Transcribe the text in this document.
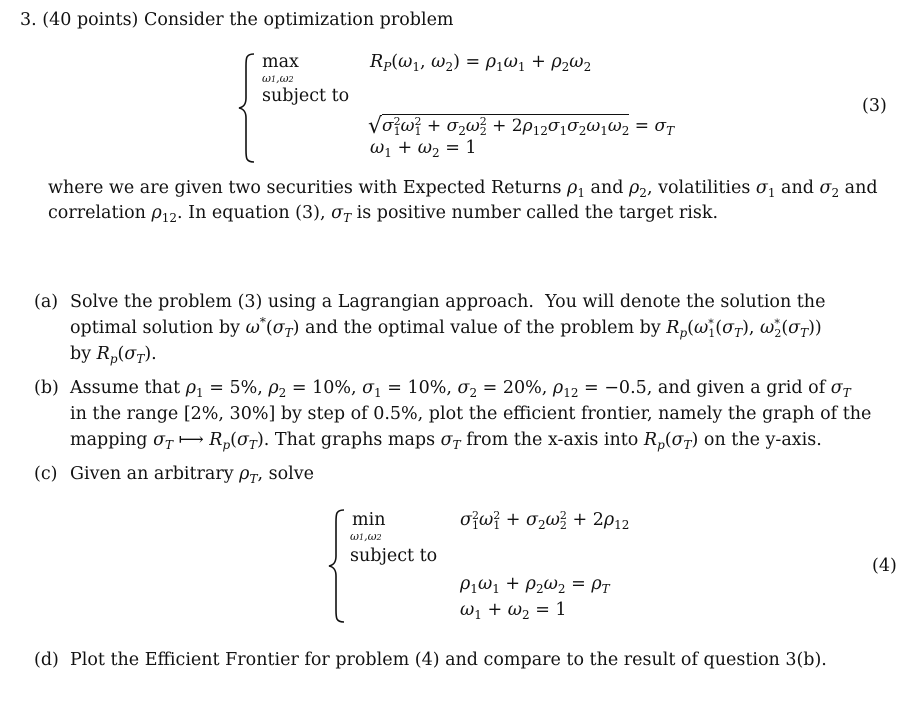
3. (40 points) Consider the optimization problem
max
ω1,ω2
$R_P(\omega_1$, $\omega_2) = \rho_1\omega_1 + \rho_2\omega_2$
subject to
√σ2
1ω2
$1 + \sigma_2\omega 2$
$2 + 2\rho_{12}\sigma_1\sigma_2\omega_1\omega_2 = \sigma_T$
$\omega_1 + \omega_2 = 1$
(3)
where we are given two securities with Expected Returns $\rho_1$ and $\rho_2$, volatilities $\sigma_1$ and $\sigma_2$ and
correlation $\rho_{12}$. In equation (3), $\sigma_T$ is positive number called the target risk.
(a) Solve the problem (3) using a Lagrangian approach.  You will denote the solution the
optimal solution by $\omega^*(\sigma_T)$ and the optimal value of the problem by $R_p(\omega*$
$1(\sigma_T)$, ω*
$2(\sigma_T)$)
by $R_p(\sigma_T)$.
(b) Assume that $\rho_1 = 5\%$, $\rho_2 = 10\%$, $\sigma_1 = 10\%$, $\sigma_2 = 20\%$, $\rho_{12} = -0.5$, and given a grid of $\sigma_T$
in the range [2%, 30%] by step of 0.5%, plot the efficient frontier, namely the graph of the
mapping $\sigma_T$ ⟼ $R_p(\sigma_T)$. That graphs maps $\sigma_T$ from the x-axis into $R_p(\sigma_T)$ on the y-axis.
(c) Given an arbitrary $\rho_T$, solve
min
ω1,ω2
σ2
1ω2
$1 + \sigma_2\omega 2$
$2 + 2\rho_{12}$
subject to
$\rho_1\omega_1 + \rho_2\omega_2 = \rho_T$
$\omega_1 + \omega_2 = 1$
(4)
(d) Plot the Efficient Frontier for problem (4) and compare to the result of question 3(b).
